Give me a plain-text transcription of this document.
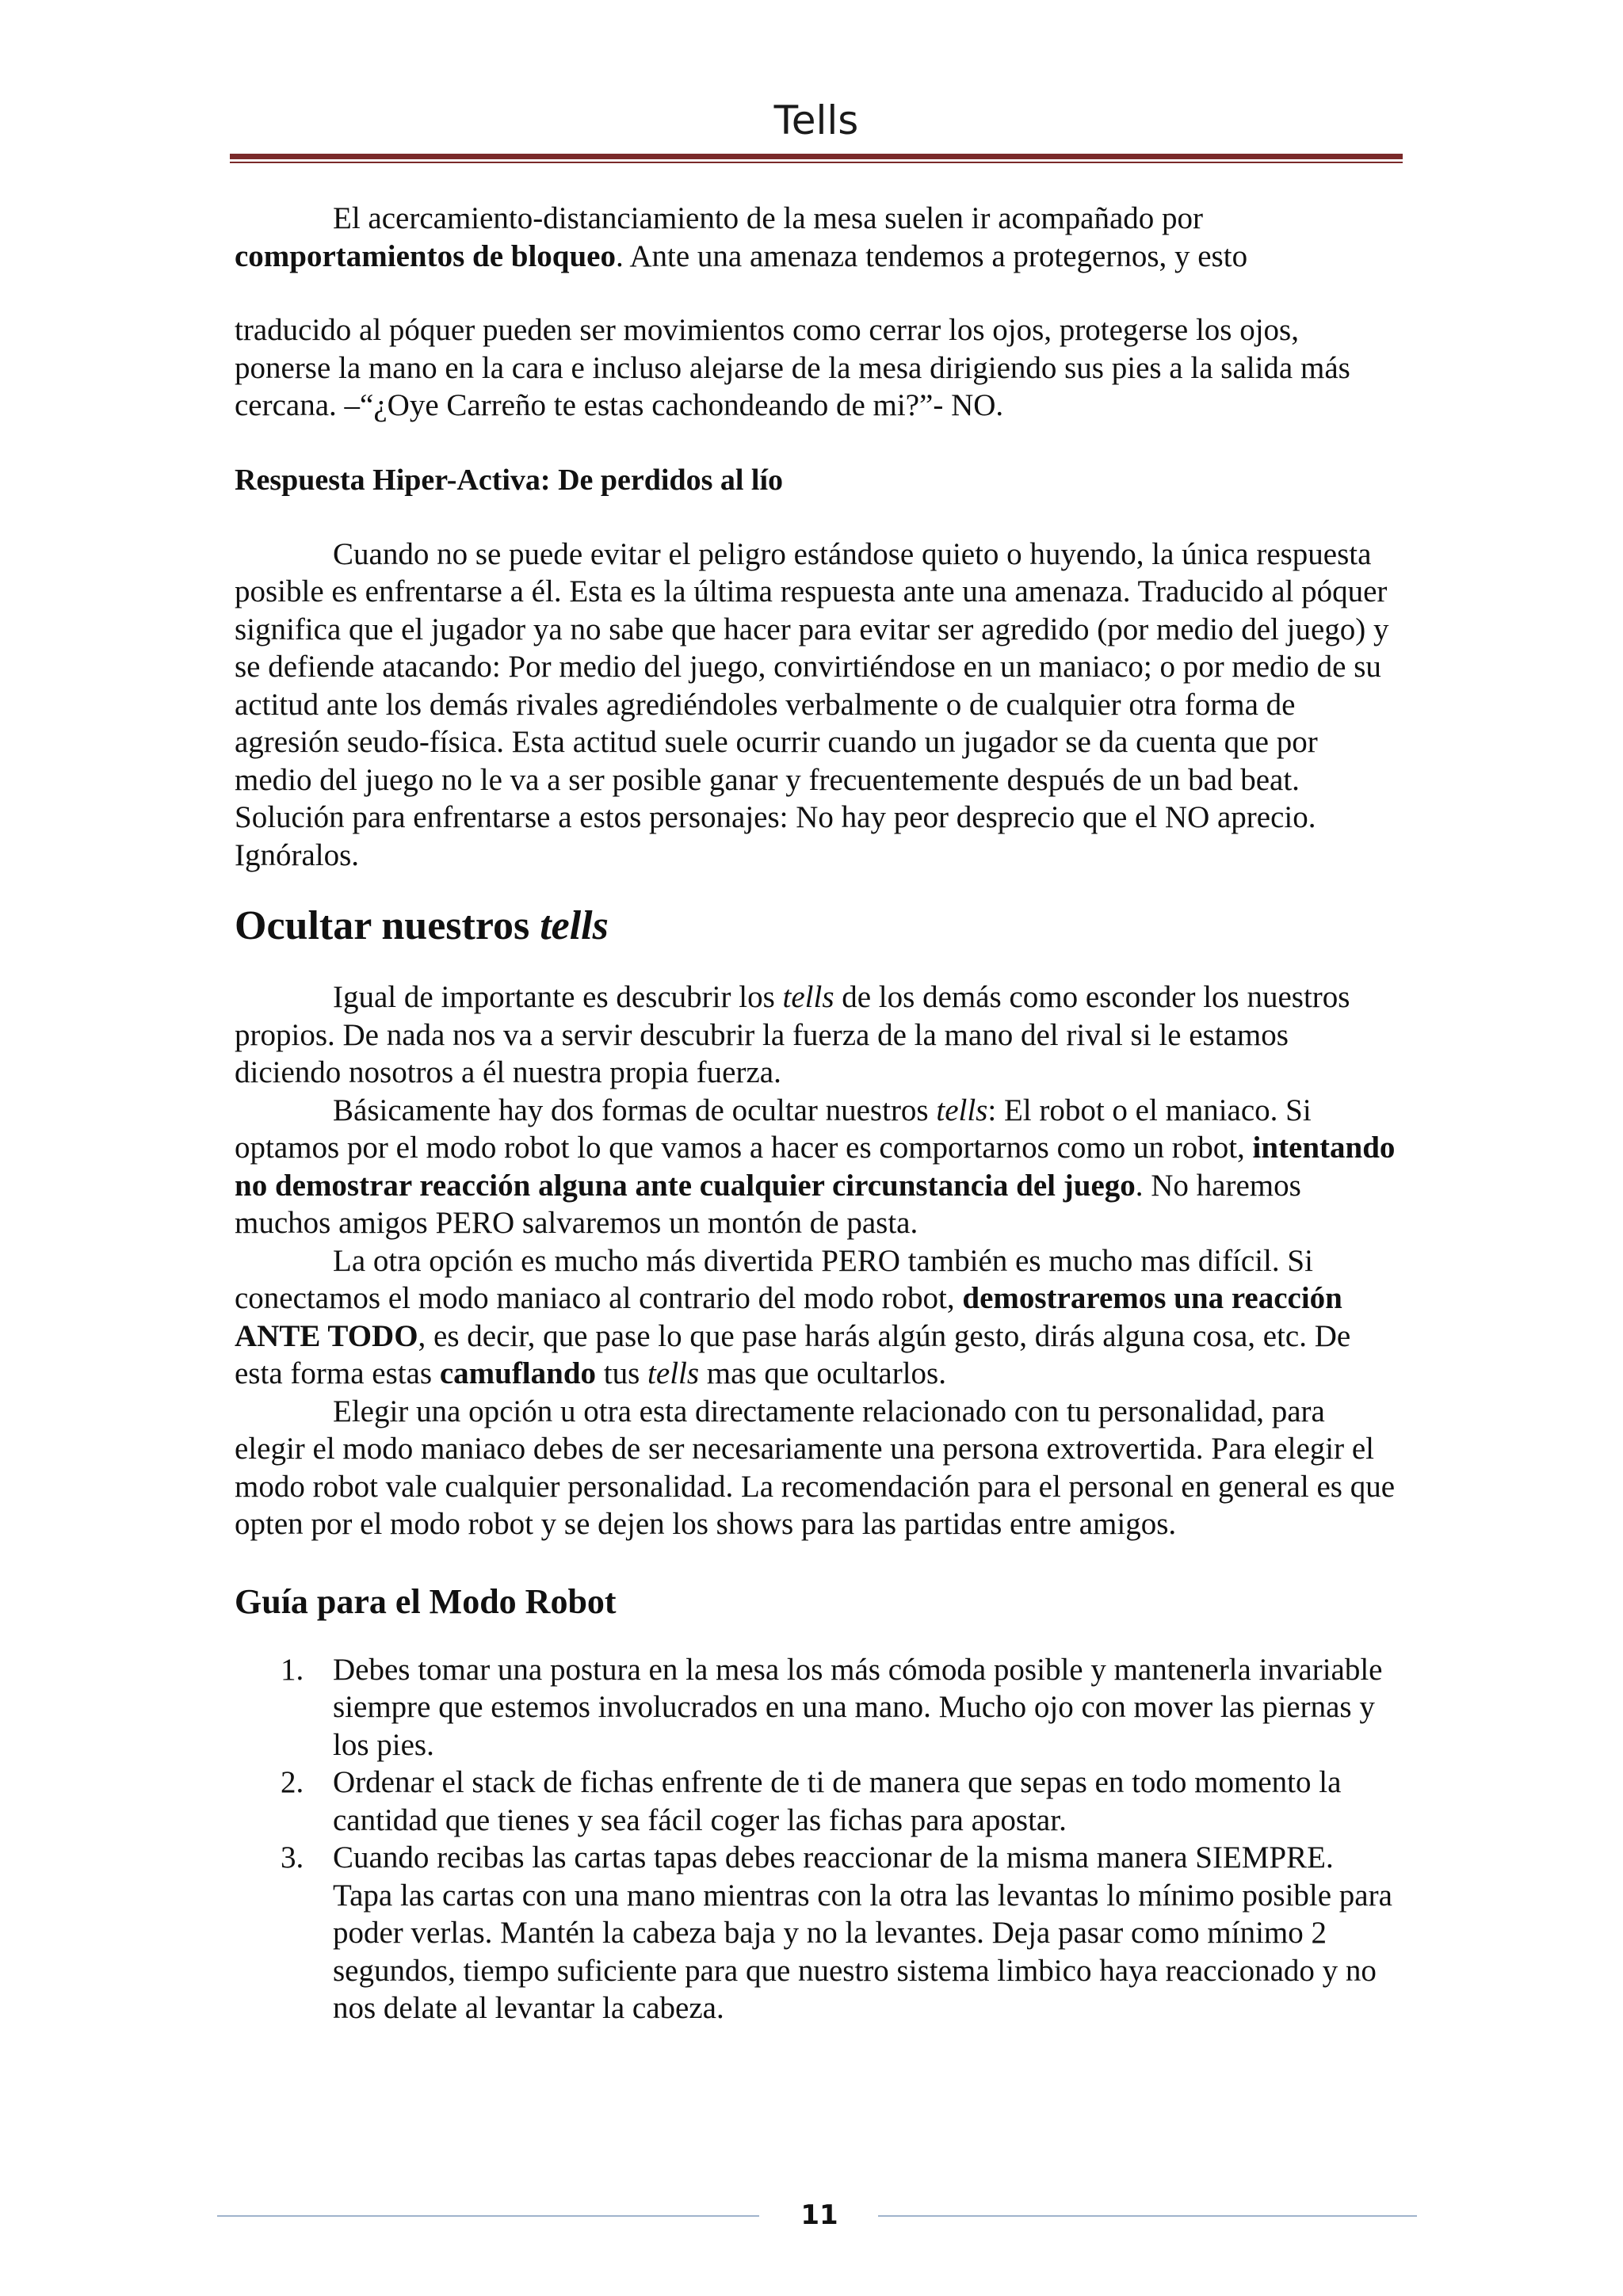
Tells

El acercamiento-distanciamiento de la mesa suelen ir acompañado por comportamientos de bloqueo. Ante una amenaza tendemos a protegernos, y esto

traducido al póquer pueden ser movimientos como cerrar los ojos, protegerse los ojos, ponerse la mano en la cara e incluso alejarse de la mesa dirigiendo sus pies a la salida más cercana. –“¿Oye Carreño te estas cachondeando de mi?”- NO.

Respuesta Hiper-Activa: De perdidos al lío

Cuando no se puede evitar el peligro estándose quieto o huyendo, la única respuesta posible es enfrentarse a él. Esta es la última respuesta ante una amenaza. Traducido al póquer significa que el jugador ya no sabe que hacer para evitar ser agredido (por medio del juego) y se defiende atacando: Por medio del juego, convirtiéndose en un maniaco; o por medio de su actitud ante los demás rivales agrediéndoles verbalmente o de cualquier otra forma de agresión seudo-física. Esta actitud suele ocurrir cuando un jugador se da cuenta que por medio del juego no le va a ser posible ganar y frecuentemente después de un bad beat. Solución para enfrentarse a estos personajes: No hay peor desprecio que el NO aprecio. Ignóralos.

Ocultar nuestros tells

Igual de importante es descubrir los tells de los demás como esconder los nuestros propios. De nada nos va a servir descubrir la fuerza de la mano del rival si le estamos diciendo nosotros a él nuestra propia fuerza.

Básicamente hay dos formas de ocultar nuestros tells: El robot o el maniaco. Si optamos por el modo robot lo que vamos a hacer es comportarnos como un robot, intentando no demostrar reacción alguna ante cualquier circunstancia del juego. No haremos muchos amigos PERO salvaremos un montón de pasta.

La otra opción es mucho más divertida PERO también es mucho mas difícil. Si conectamos el modo maniaco al contrario del modo robot, demostraremos una reacción ANTE TODO, es decir, que pase lo que pase harás algún gesto, dirás alguna cosa, etc. De esta forma estas camuflando tus tells mas que ocultarlos.

Elegir una opción u otra esta directamente relacionado con tu personalidad, para elegir el modo maniaco debes de ser necesariamente una persona extrovertida. Para elegir el modo robot vale cualquier personalidad. La recomendación para el personal en general es que opten por el modo robot y se dejen los shows para las partidas entre amigos.

Guía para el Modo Robot

1. Debes tomar una postura en la mesa los más cómoda posible y mantenerla invariable siempre que estemos involucrados en una mano. Mucho ojo con mover las piernas y los pies.
2. Ordenar el stack de fichas enfrente de ti de manera que sepas en todo momento la cantidad que tienes y sea fácil coger las fichas para apostar.
3. Cuando recibas las cartas tapas debes reaccionar de la misma manera SIEMPRE. Tapa las cartas con una mano mientras con la otra las levantas lo mínimo posible para poder verlas. Mantén la cabeza baja y no la levantes. Deja pasar como mínimo 2 segundos, tiempo suficiente para que nuestro sistema limbico haya reaccionado y no nos delate al levantar la cabeza.
11
